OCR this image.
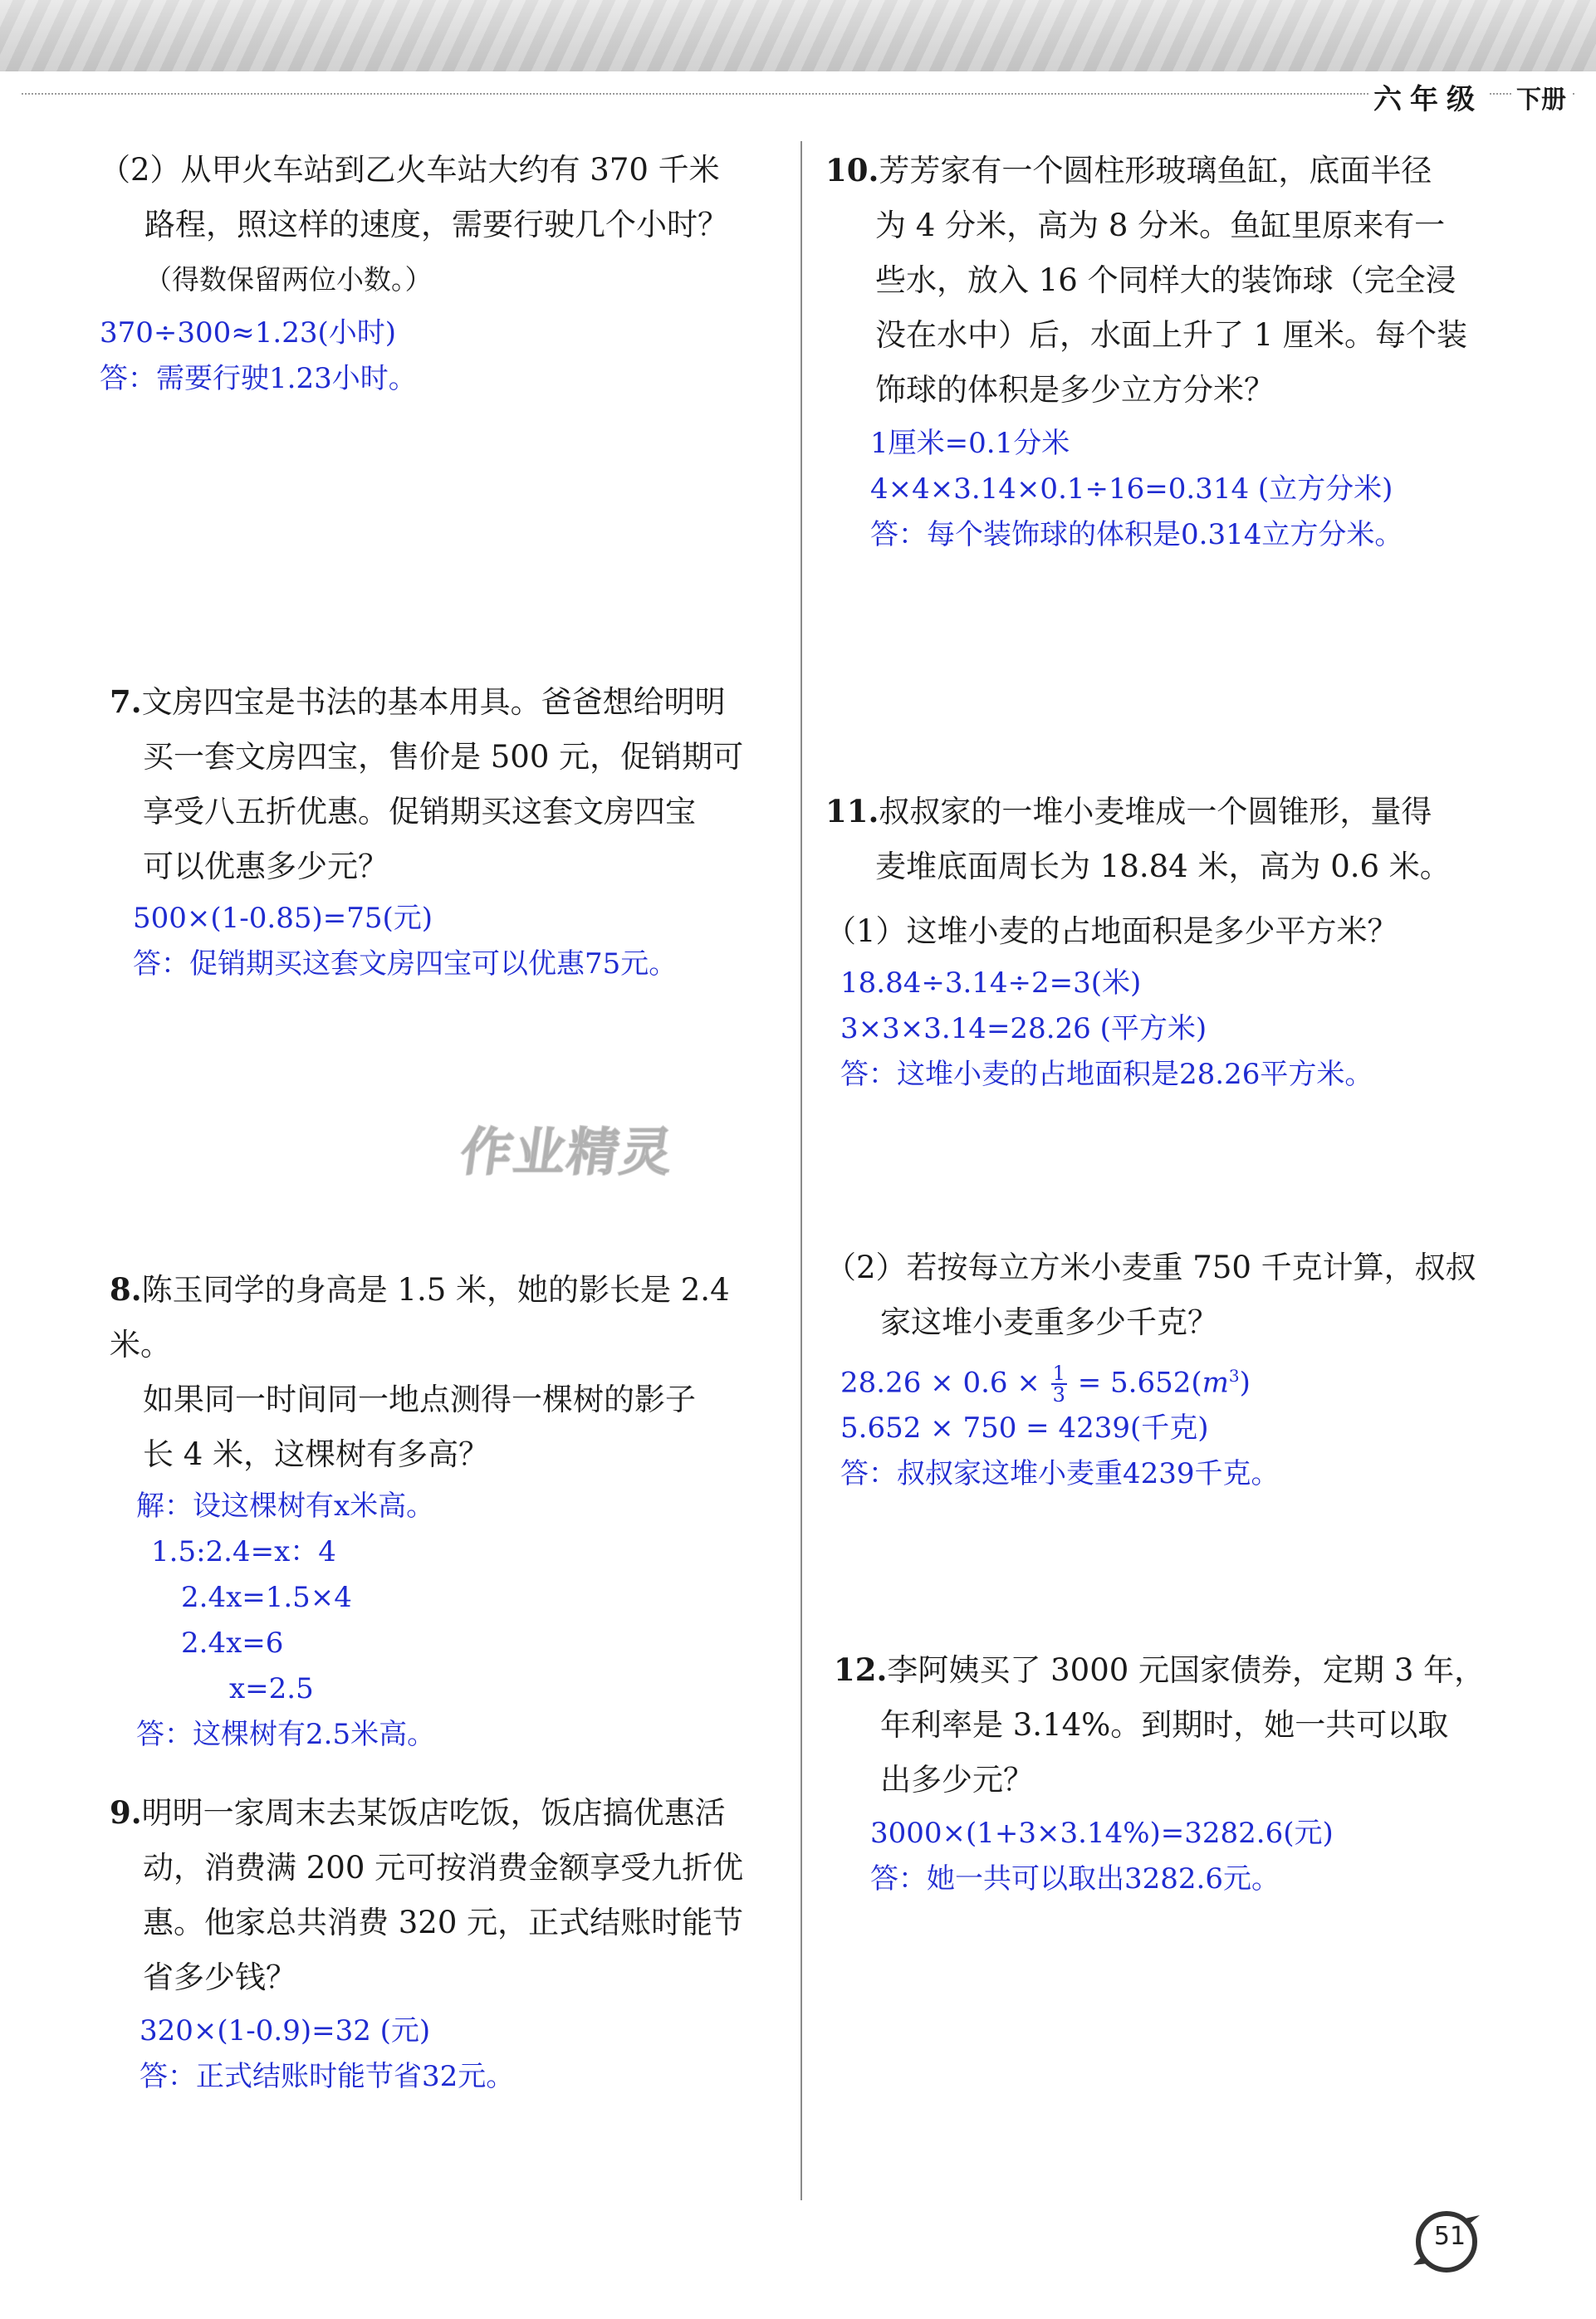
六年级 下册

（2）从甲火车站到乙火车站大约有 370 千米
路程，照这样的速度，需要行驶几个小时？
（得数保留两位小数。）

370÷300≈1.23(小时)

答：需要行驶1.23小时。

7.文房四宝是书法的基本用具。爸爸想给明明
买一套文房四宝，售价是 500 元，促销期可
享受八五折优惠。促销期买这套文房四宝
可以优惠多少元？

500×(1-0.85)=75(元)

答：促销期买这套文房四宝可以优惠75元。

作业精灵

8.陈玉同学的身高是 1.5 米，她的影长是 2.4 米。
如果同一时间同一地点测得一棵树的影子
长 4 米，这棵树有多高？

解：设这棵树有x米高。

1.5:2.4=x：4

2.4x=1.5×4

2.4x=6

x=2.5

答：这棵树有2.5米高。

9.明明一家周末去某饭店吃饭，饭店搞优惠活
动，消费满 200 元可按消费金额享受九折优
惠。他家总共消费 320 元，正式结账时能节
省多少钱？

320×(1-0.9)=32 (元)

答：正式结账时能节省32元。

10.芳芳家有一个圆柱形玻璃鱼缸，底面半径
为 4 分米，高为 8 分米。鱼缸里原来有一
些水，放入 16 个同样大的装饰球（完全浸
没在水中）后，水面上升了 1 厘米。每个装
饰球的体积是多少立方分米？

1厘米=0.1分米

4×4×3.14×0.1÷16=0.314 (立方分米)

答：每个装饰球的体积是0.314立方分米。

11.叔叔家的一堆小麦堆成一个圆锥形，量得
麦堆底面周长为 18.84 米，高为 0.6 米。

（1）这堆小麦的占地面积是多少平方米？

18.84÷3.14÷2=3(米)

3×3×3.14=28.26 (平方米)

答：这堆小麦的占地面积是28.26平方米。

（2）若按每立方米小麦重 750 千克计算，叔叔
家这堆小麦重多少千克？

$28.26 \times 0.6 \times \frac{1}{3} = 5.652(m^3)$

5.652 × 750 = 4239(千克)

答：叔叔家这堆小麦重4239千克。

12.李阿姨买了 3000 元国家债券，定期 3 年，
年利率是 3.14%。到期时，她一共可以取
出多少元？

3000×(1+3×3.14%)=3282.6(元)

答：她一共可以取出3282.6元。

51
